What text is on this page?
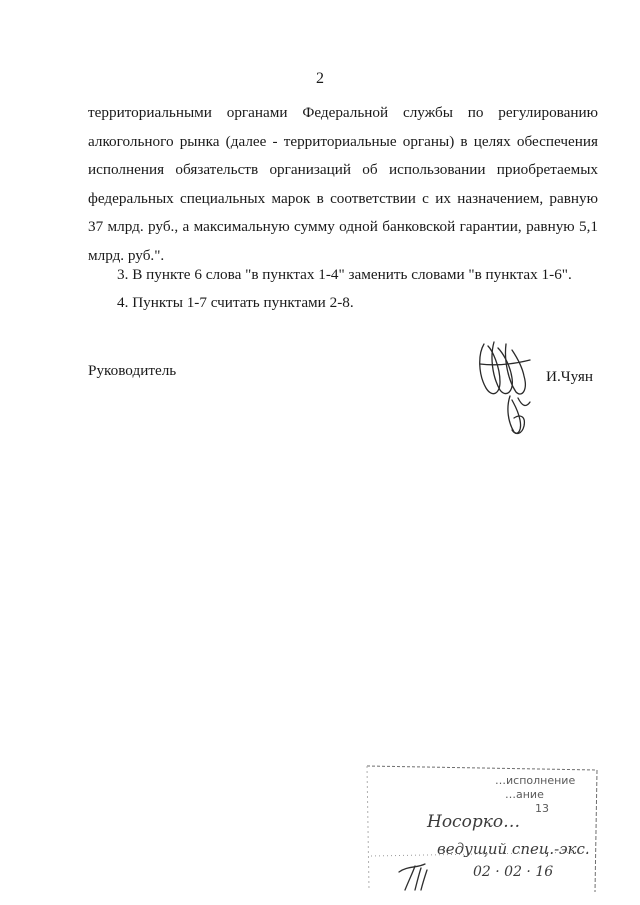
2
территориальными органами Федеральной службы по регулированию
алкогольного рынка (далее - территориальные органы) в целях обеспечения
исполнения обязательств организаций об использовании приобретаемых
федеральных специальных марок в соответствии с их назначением, равную
37 млрд. руб., а максимальную сумму одной банковской гарантии, равную 5,1
млрд. руб.".
3. В пункте 6 слова "в пунктах 1-4" заменить словами "в пунктах 1-6".
4. Пункты 1-7 считать пунктами 2-8.
Руководитель	И.Чуян
…исполнение
…ание
13
Носорко…
ведущий спец.-экс.
02 · 02 · 16
